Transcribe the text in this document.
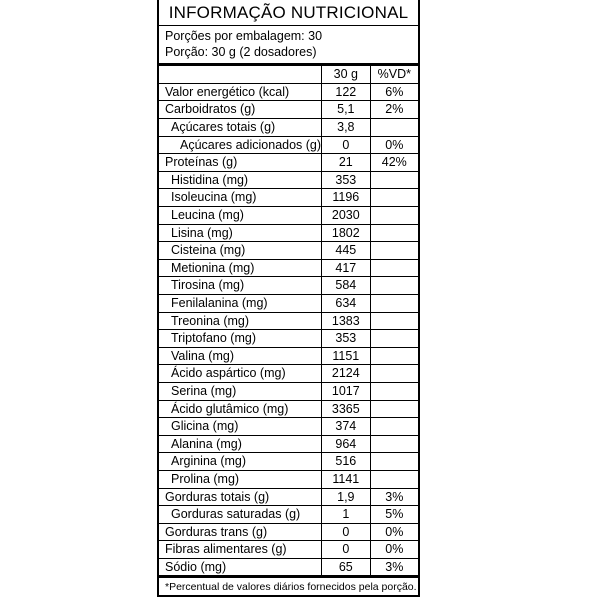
INFORMAÇÃO NUTRICIONAL
Porções por embalagem: 30
Porção: 30 g (2 dosadores)
	30 g	%VD*
Valor energético (kcal)	122	6%
Carboidratos (g)	5,1	2%
Açúcares totais (g)	3,8	
Açúcares adicionados (g)	0	0%
Proteínas (g)	21	42%
Histidina (mg)	353	
Isoleucina (mg)	1196	
Leucina (mg)	2030	
Lisina (mg)	1802	
Cisteina (mg)	445	
Metionina (mg)	417	
Tirosina (mg)	584	
Fenilalanina (mg)	634	
Treonina (mg)	1383	
Triptofano (mg)	353	
Valina (mg)	1151	
Ácido aspártico (mg)	2124	
Serina (mg)	1017	
Ácido glutâmico (mg)	3365	
Glicina (mg)	374	
Alanina (mg)	964	
Arginina (mg)	516	
Prolina (mg)	1141	
Gorduras totais (g)	1,9	3%
Gorduras saturadas (g)	1	5%
Gorduras trans (g)	0	0%
Fibras alimentares (g)	0	0%
Sódio (mg)	65	3%
*Percentual de valores diários fornecidos pela porção.
